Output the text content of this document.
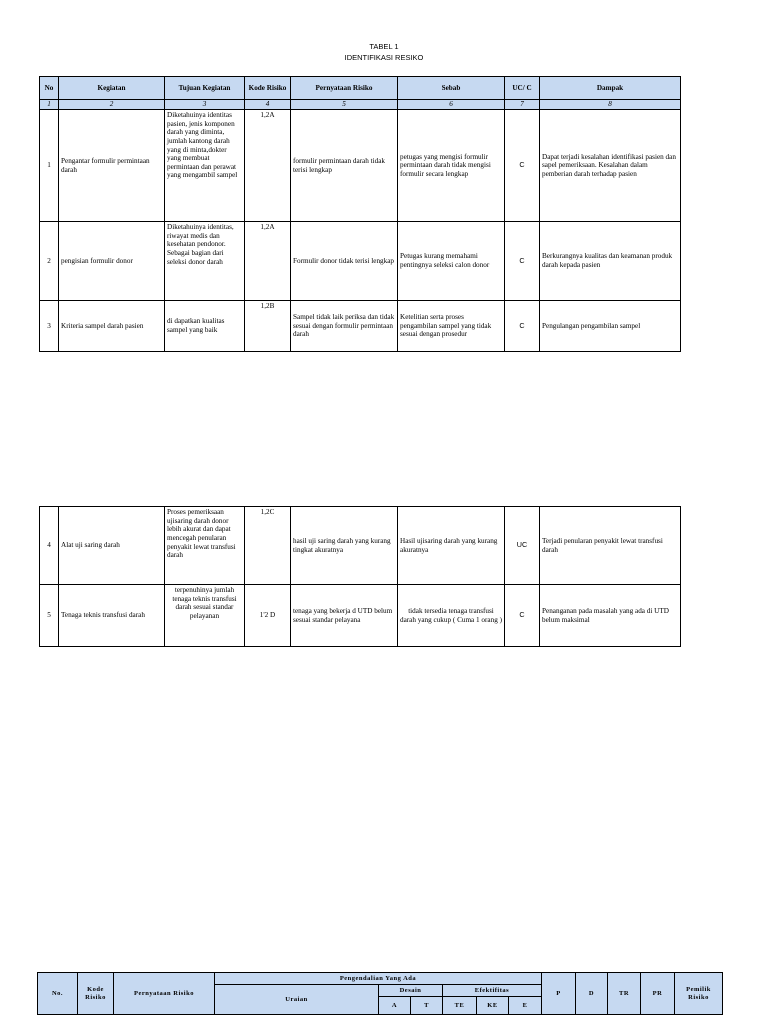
TABEL 1
IDENTIFIKASI RESIKO
No	Kegiatan	Tujuan Kegiatan	Kode Risiko	Pernyataan Risiko	Sebab	UC/ C	Dampak
1	2	3	4	5	6	7	8
1	Pengantar formulir permintaan darah	Diketahuinya identitas pasien, jenis komponen darah yang diminta, jumlah kantong darah yang di minta,dokter yang membuat permintaan dan perawat yang mengambil sampel	1,2A	formulir permintaan darah tidak terisi lengkap	petugas yang mengisi formulir permintaan darah tidak mengisi formulir secara lengkap	C	Dapat terjadi kesalahan identifikasi pasien dan sapel pemeriksaan. Kesalahan dalam pemberian darah terhadap pasien
2	pengisian formulir donor	Diketahuinya identitas, riwayat medis dan kesehatan pendonor. Sebagai bagian dari seleksi donor darah	1,2A	Formulir donor tidak terisi lengkap	Petugas kurang memahami pentingnya seleksi calon donor	C	Berkurangnya kualitas dan keamanan produk darah kepada pasien
3	Kriteria sampel darah pasien	di dapatkan kualitas sampel yang baik	1,2B	Sampel tidak laik periksa dan tidak sesuai dengan formulir permintaan darah	Ketelitian serta proses pengambilan sampel yang tidak sesuai dengan prosedur	C	Pengulangan pengambilan sampel
4	Alat uji saring darah	Proses pemeriksaan ujisaring darah donor lebih akurat dan dapat mencegah penularan penyakit lewat transfusi darah	1,2C	hasil uji saring darah yang kurang tingkat akuratnya	Hasil ujisaring darah yang kurang akuratnya	UC	Terjadi penularan penyakit lewat transfusi darah
5	Tenaga teknis transfusi darah	terpenuhinya jumlah tenaga teknis transfusi darah sesuai standar pelayanan	1'2 D	tenaga yang bekerja d UTD belum sesuai standar pelayana	tidak tersedia tenaga transfusi darah yang cukup ( Cuma 1 orang )	C	Penanganan pada masalah yang ada di UTD belum maksimal
No.	Kode Risiko	Pernyataan Risiko	Pengendalian Yang Ada						P	D	TR	PR	Pemilik Risiko
			Uraian	Desain		Efektifitas							
				A	T	TE	KE	E					
